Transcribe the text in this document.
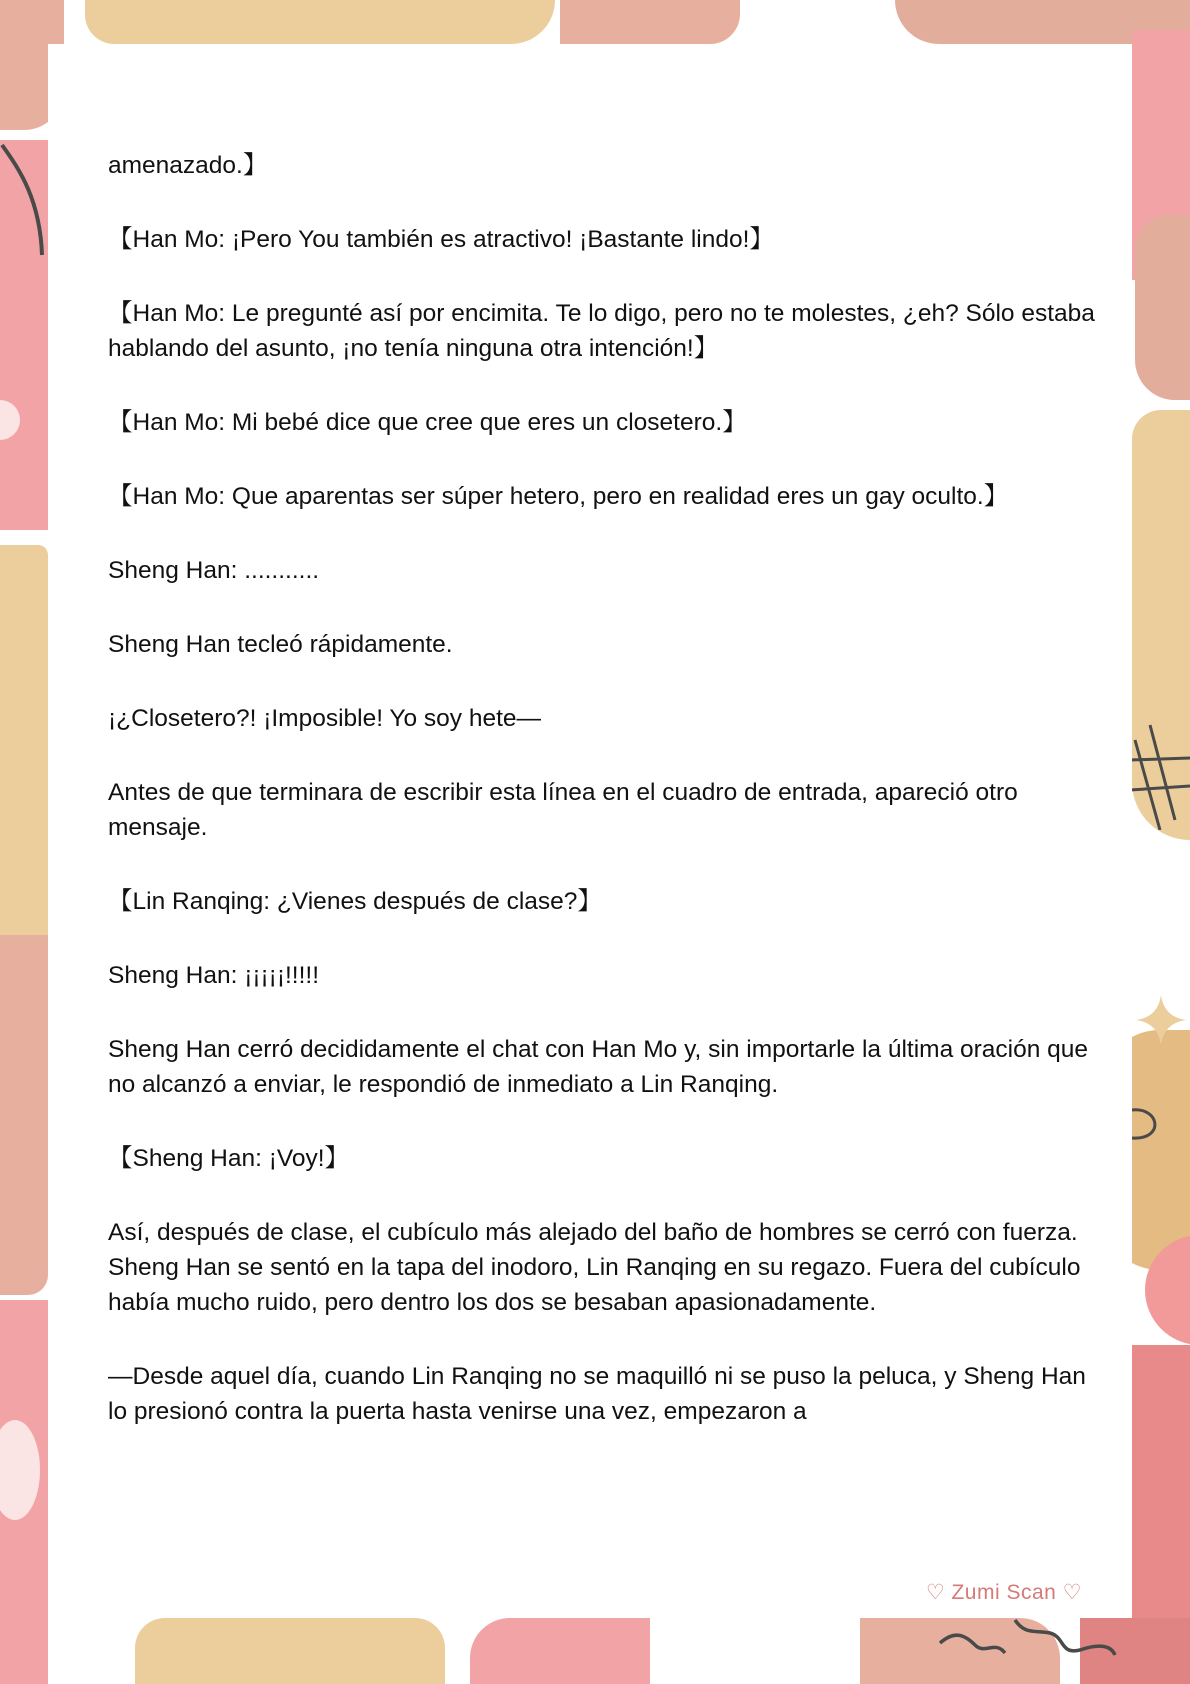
amenazado.】

【Han Mo: ¡Pero You también es atractivo! ¡Bastante lindo!】

【Han Mo: Le pregunté así por encimita. Te lo digo, pero no te molestes, ¿eh? Sólo estaba hablando del asunto, ¡no tenía ninguna otra intención!】

【Han Mo: Mi bebé dice que cree que eres un closetero.】

【Han Mo: Que aparentas ser súper hetero, pero en realidad eres un gay oculto.】

Sheng Han: ...........

Sheng Han tecleó rápidamente.

¡¿Closetero?! ¡Imposible! Yo soy hete—

Antes de que terminara de escribir esta línea en el cuadro de entrada, apareció otro mensaje.

【Lin Ranqing: ¿Vienes después de clase?】

Sheng Han: ¡¡¡¡¡!!!!!

Sheng Han cerró decididamente el chat con Han Mo y, sin importarle la última oración que no alcanzó a enviar, le respondió de inmediato a Lin Ranqing.

【Sheng Han: ¡Voy!】

Así, después de clase, el cubículo más alejado del baño de hombres se cerró con fuerza. Sheng Han se sentó en la tapa del inodoro, Lin Ranqing en su regazo. Fuera del cubículo había mucho ruido, pero dentro los dos se besaban apasionadamente.

—Desde aquel día, cuando Lin Ranqing no se maquilló ni se puso la peluca, y Sheng Han lo presionó contra la puerta hasta venirse una vez, empezaron a

♡ Zumi Scan ♡
